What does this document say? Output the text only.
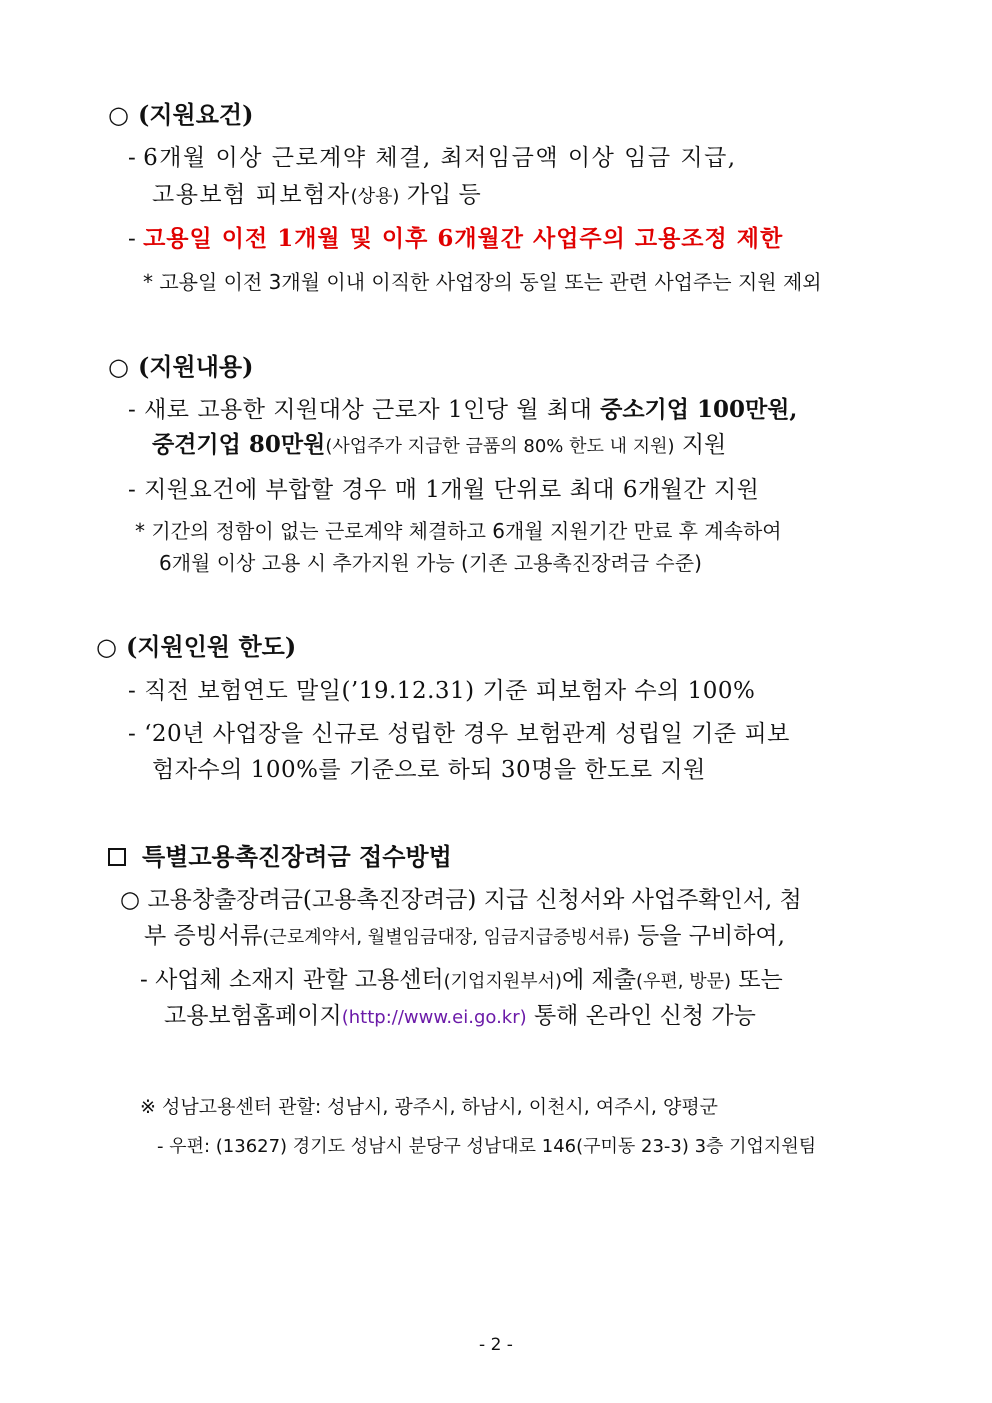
○ (지원요건)
- 6개월 이상 근로계약 체결, 최저임금액 이상 임금 지급,
고용보험 피보험자(상용) 가입 등
- 고용일 이전 1개월 및 이후 6개월간 사업주의 고용조정 제한
* 고용일 이전 3개월 이내 이직한 사업장의 동일 또는 관련 사업주는 지원 제외
○ (지원내용)
- 새로 고용한 지원대상 근로자 1인당 월 최대 중소기업 100만원,
중견기업 80만원(사업주가 지급한 금품의 80% 한도 내 지원) 지원
- 지원요건에 부합할 경우 매 1개월 단위로 최대 6개월간 지원
* 기간의 정함이 없는 근로계약 체결하고 6개월 지원기간 만료 후 계속하여
6개월 이상 고용 시 추가지원 가능 (기존 고용촉진장려금 수준)
○ (지원인원 한도)
- 직전 보험연도 말일(’19.12.31) 기준 피보험자 수의 100%
- ‘20년 사업장을 신규로 성립한 경우 보험관계 성립일 기준 피보
험자수의 100%를 기준으로 하되 30명을 한도로 지원
특별고용촉진장려금 접수방법
○ 고용창출장려금(고용촉진장려금) 지급 신청서와 사업주확인서, 첨
부 증빙서류(근로계약서, 월별임금대장, 임금지급증빙서류) 등을 구비하여,
- 사업체 소재지 관할 고용센터(기업지원부서)에 제출(우편, 방문) 또는
고용보험홈페이지(http://www.ei.go.kr) 통해 온라인 신청 가능
※ 성남고용센터 관할: 성남시, 광주시, 하남시, 이천시, 여주시, 양평군
- 우편: (13627) 경기도 성남시 분당구 성남대로 146(구미동 23-3) 3층 기업지원팀
- 2 -
